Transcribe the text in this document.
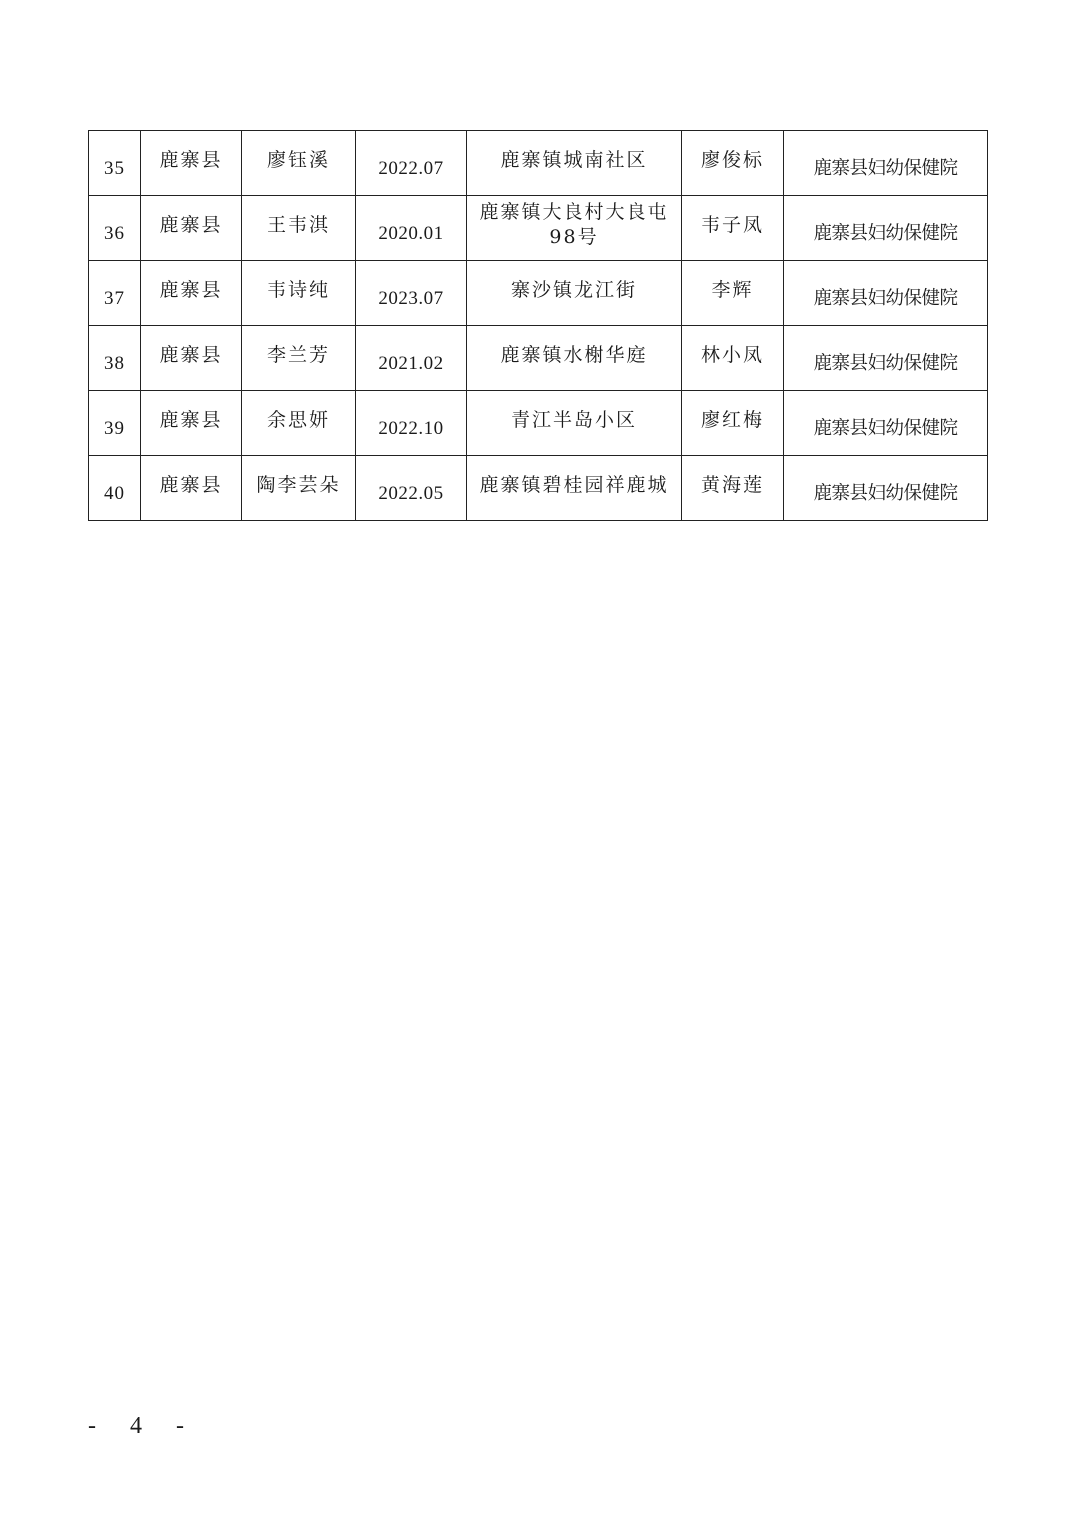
35	鹿寨县	廖钰溪	2022.07	鹿寨镇城南社区	廖俊标	鹿寨县妇幼保健院
36	鹿寨县	王韦淇	2020.01	鹿寨镇大良村大良屯98号	韦子凤	鹿寨县妇幼保健院
37	鹿寨县	韦诗纯	2023.07	寨沙镇龙江街	李辉	鹿寨县妇幼保健院
38	鹿寨县	李兰芳	2021.02	鹿寨镇水榭华庭	林小凤	鹿寨县妇幼保健院
39	鹿寨县	余思妍	2022.10	青江半岛小区	廖红梅	鹿寨县妇幼保健院
40	鹿寨县	陶李芸朵	2022.05	鹿寨镇碧桂园祥鹿城	黄海莲	鹿寨县妇幼保健院
- 4 -
